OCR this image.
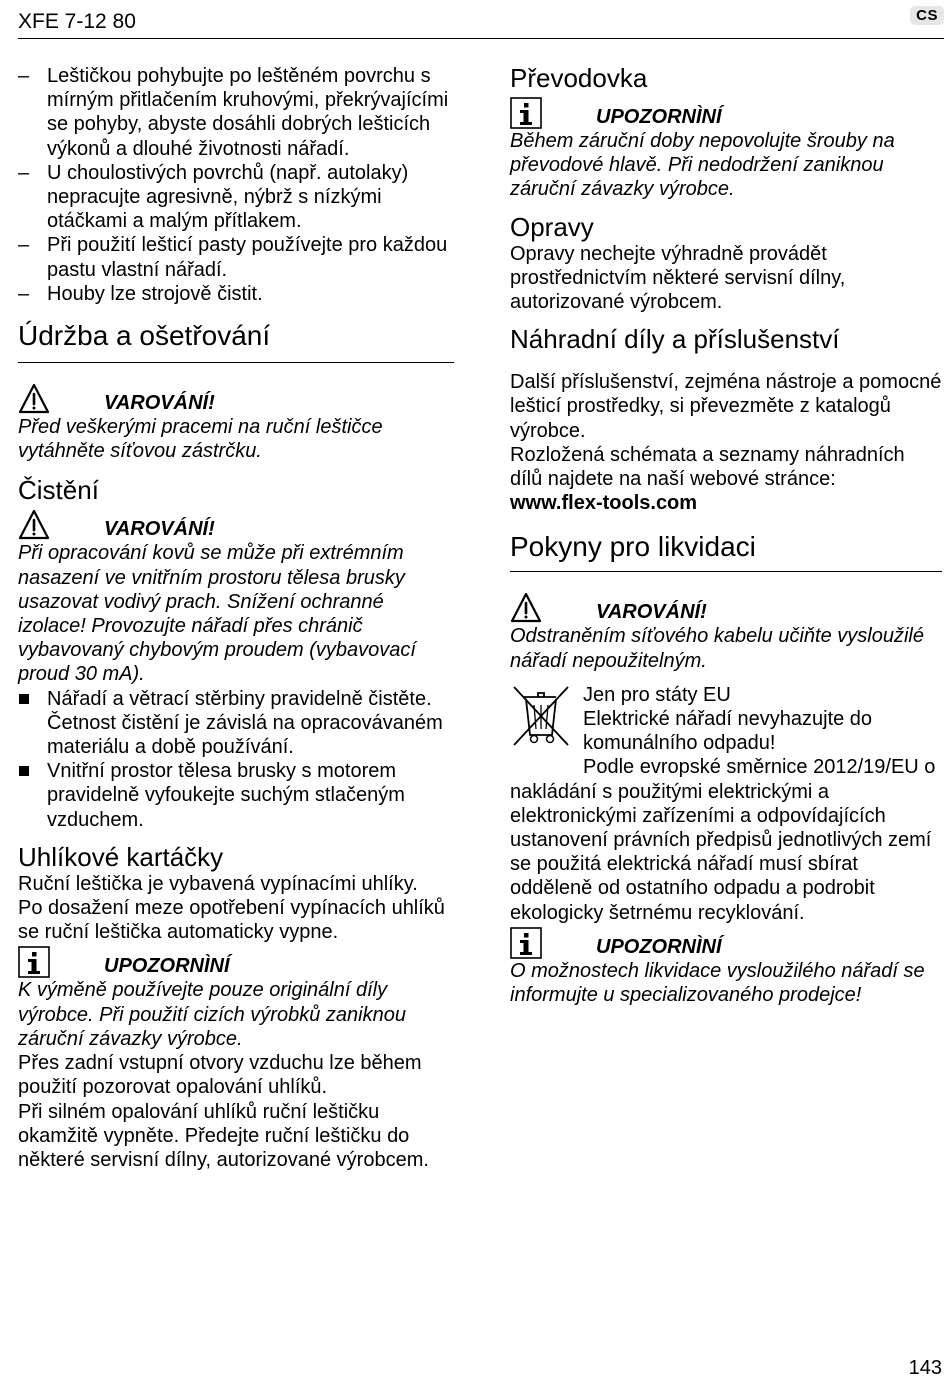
XFE 7-12 80	CS

– Leštičkou pohybujte po leštěném povrchu s mírným přitlačením kruhovými, překrývajícími se pohyby, abyste dosáhli dobrých lešticích výkonů a dlouhé životnosti nářadí.

– U choulostivých povrchů (např. autolaky) nepracujte agresivně, nýbrž s nízkými otáčkami a malým přítlakem.

– Při použití lešticí pasty používejte pro každou pastu vlastní nářadí.

– Houby lze strojově čistit.

Údržba a ošetřování
VAROVÁNÍ!

Před veškerými pracemi na ruční leštičce vytáhněte síťovou zástrčku.

Čistění
VAROVÁNÍ!

Při opracování kovů se může při extrémním nasazení ve vnitřním prostoru tělesa brusky usazovat vodivý prach. Snížení ochranné izolace! Provozujte nářadí přes chránič vybavovaný chybovým proudem (vybavovací proud 30 mA).

Nářadí a větrací stěrbiny pravidelně čistěte. Četnost čistění je závislá na opracovávaném materiálu a době používání.

Vnitřní prostor tělesa brusky s motorem pravidelně vyfoukejte suchým stlačeným vzduchem.

Uhlíkové kartáčky

Ruční leštička je vybavená vypínacími uhlíky.

Po dosažení meze opotřebení vypínacích uhlíků se ruční leštička automaticky vypne.

UPOZORNÌNÍ

K výměně používejte pouze originální díly výrobce. Při použití cizích výrobků zaniknou záruční závazky výrobce.

Přes zadní vstupní otvory vzduchu lze během použití pozorovat opalování uhlíků.

Při silném opalování uhlíků ruční leštičku okamžitě vypněte. Předejte ruční leštičku do některé servisní dílny, autorizované výrobcem.

Převodovka
UPOZORNÌNÍ

Během záruční doby nepovolujte šrouby na převodové hlavě. Při nedodržení zaniknou záruční závazky výrobce.

Opravy

Opravy nechejte výhradně provádět prostřednictvím některé servisní dílny, autorizované výrobcem.

Náhradní díly a příslušenství

Další příslušenství, zejména nástroje a pomocné lešticí prostředky, si převezměte z katalogů výrobce.

Rozložená schémata a seznamy náhradních dílů najdete na naší webové stránce:

www.flex-tools.com

Pokyny pro likvidaci
VAROVÁNÍ!

Odstraněním síťového kabelu učiňte vysloužilé nářadí nepoužitelným.

Jen pro státy EU

Elektrické nářadí nevyhazujte do komunálního odpadu!

Podle evropské směrnice 2012/19/EU o nakládání s použitými elektrickými a elektronickými zařízeními a odpovídajících ustanovení právních předpisů jednotlivých zemí se použitá elektrická nářadí musí sbírat odděleně od ostatního odpadu a podrobit ekologicky šetrnému recyklování.

UPOZORNÌNÍ

O možnostech likvidace vysloužilého nářadí se informujte u specializovaného prodejce!

143
